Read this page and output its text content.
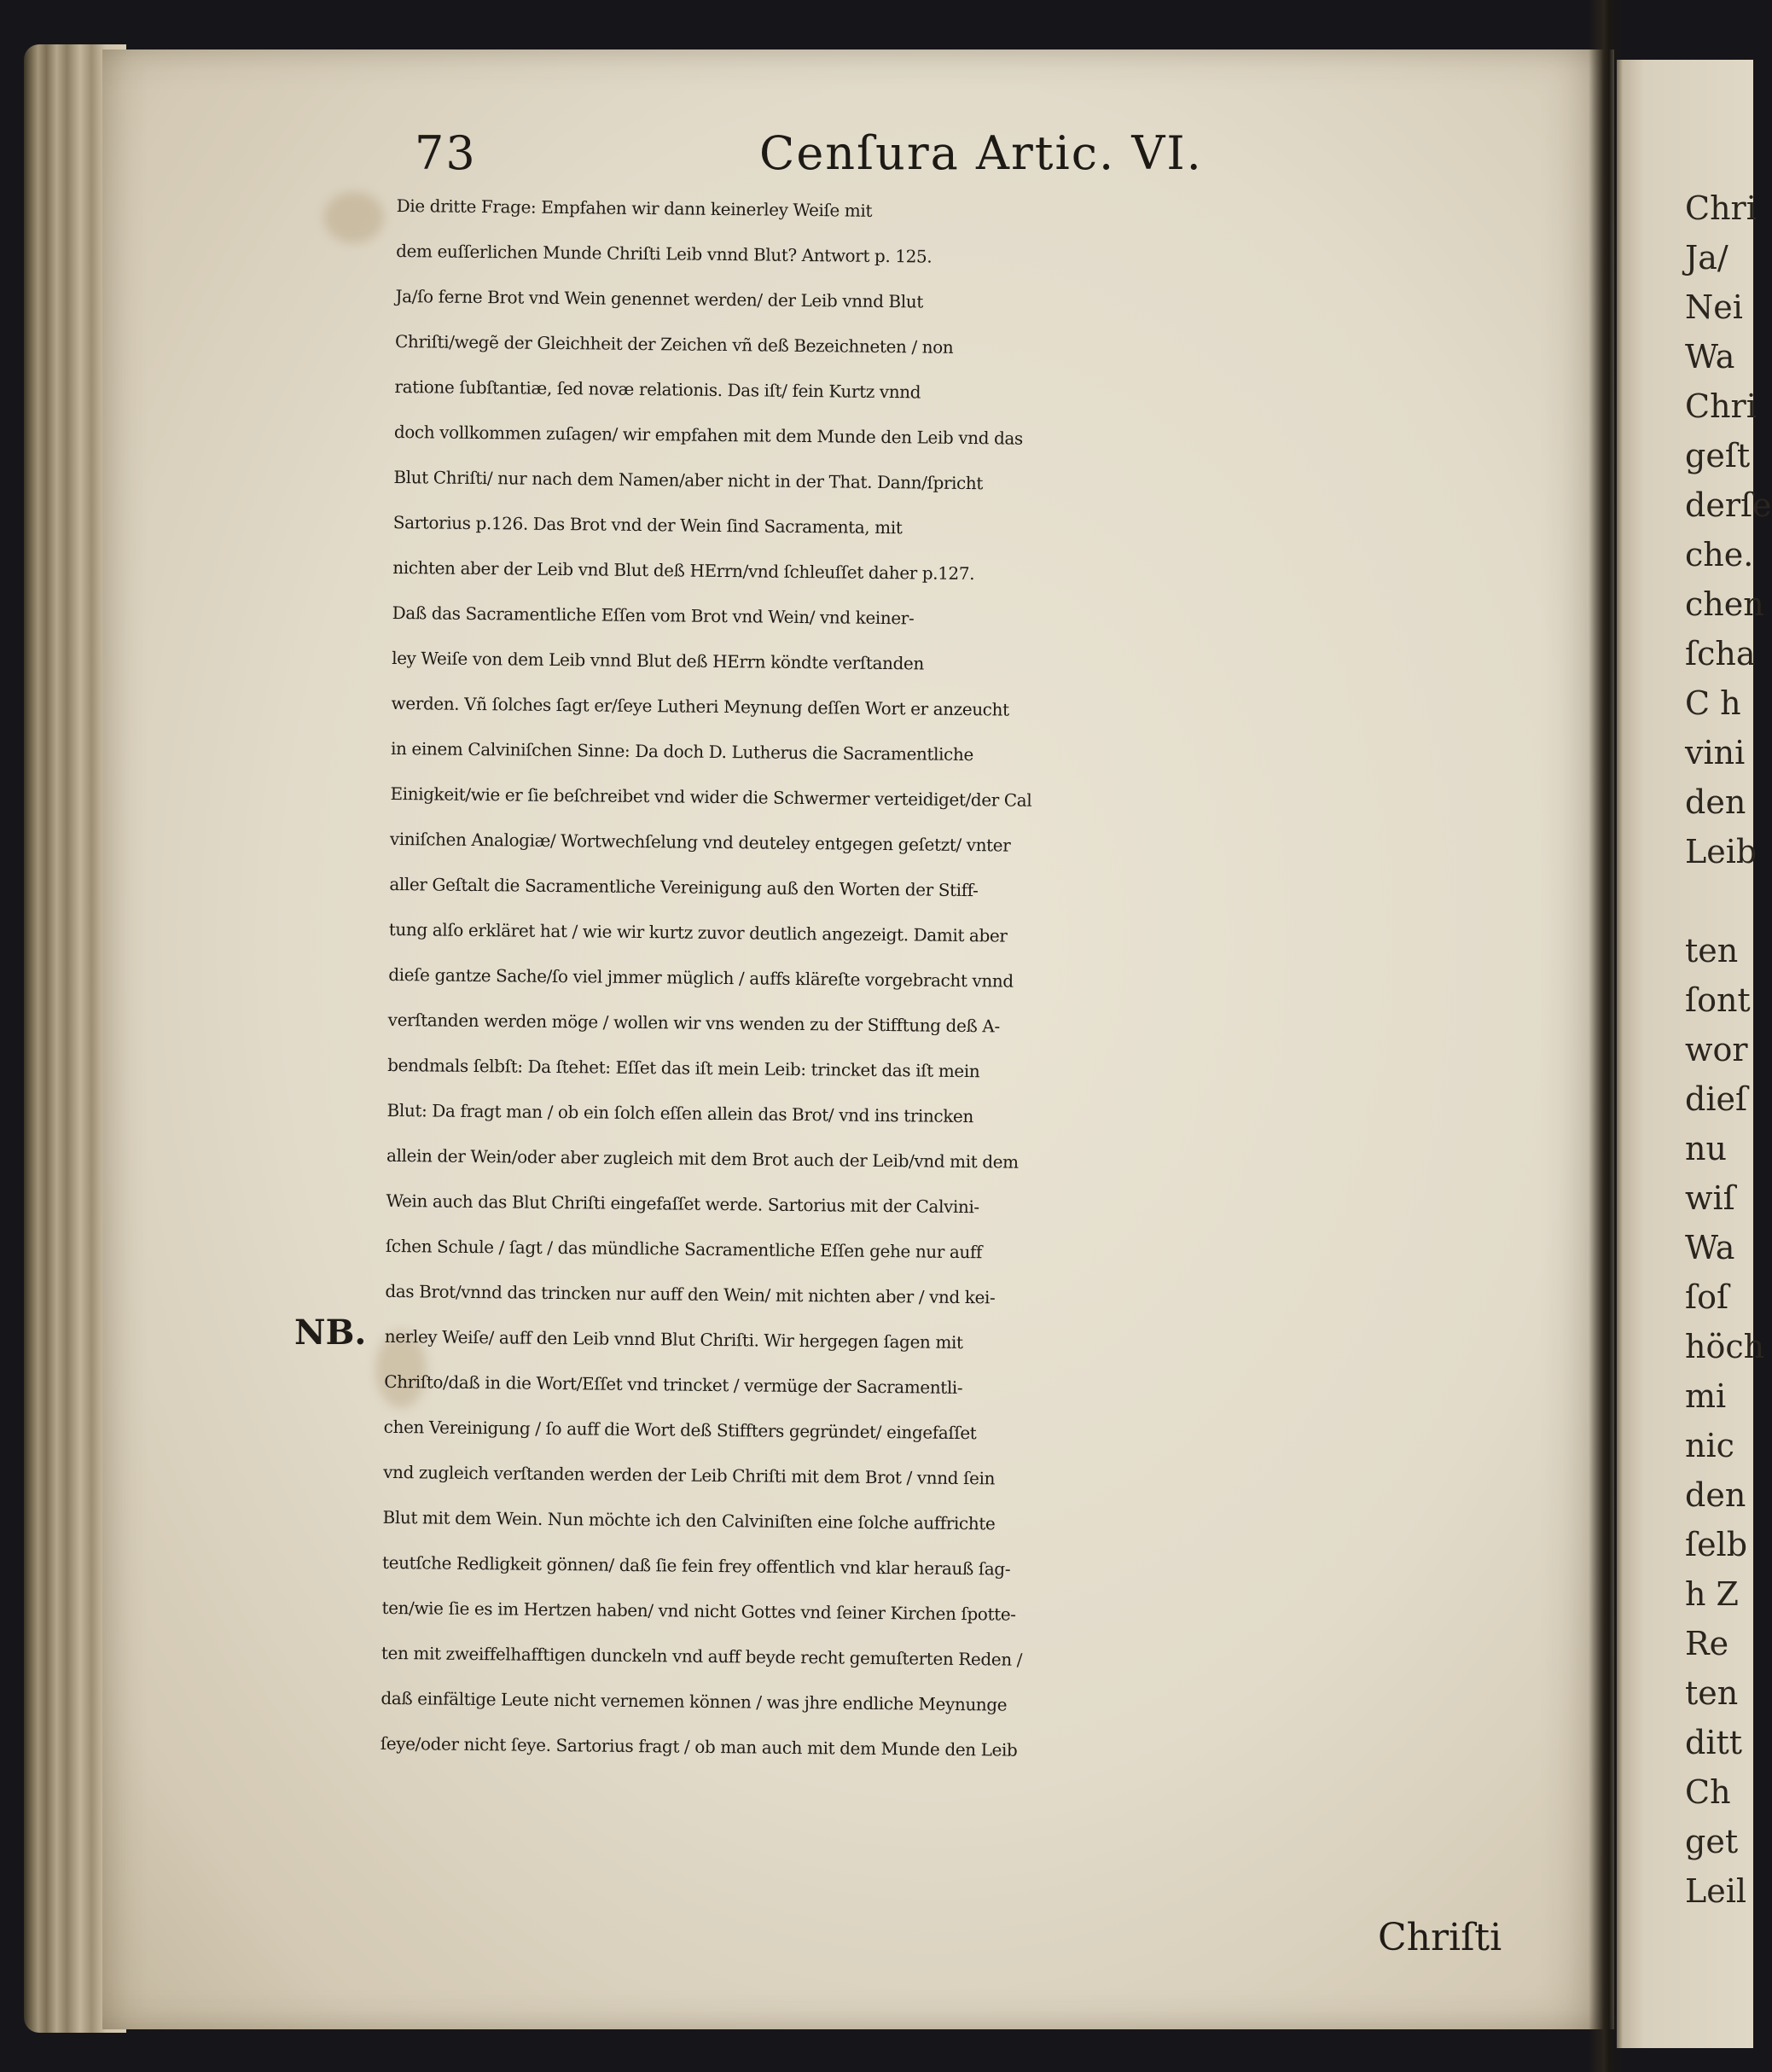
73	Cenſura Artic. VI.
Die dritte Frage: Empfahen wir dann keinerley Weiſe mit
dem euſſerlichen Munde Chriſti Leib vnnd Blut? Antwort p. 125.
Ja/ſo ferne Brot vnd Wein genennet werden/ der Leib vnnd Blut
Chriſti/wegẽ der Gleichheit der Zeichen vñ deß Bezeichneten / non
ratione ſubſtantiæ, ſed novæ relationis. Das iſt/ fein Kurtz vnnd
doch vollkommen zuſagen/ wir empfahen mit dem Munde den Leib vnd das
Blut Chriſti/ nur nach dem Namen/aber nicht in der That. Dann/ſpricht
Sartorius p.126. Das Brot vnd der Wein ſind Sacramenta, mit
nichten aber der Leib vnd Blut deß HErrn/vnd ſchleuſſet daher p.127.
Daß das Sacramentliche Eſſen vom Brot vnd Wein/ vnd keiner-
ley Weiſe von dem Leib vnnd Blut deß HErrn köndte verſtanden
werden. Vñ ſolches ſagt er/ſeye Lutheri Meynung deſſen Wort er anzeucht
in einem Calviniſchen Sinne: Da doch D. Lutherus die Sacramentliche
Einigkeit/wie er ſie beſchreibet vnd wider die Schwermer verteidiget/der Cal
viniſchen Analogiæ/ Wortwechſelung vnd deuteley entgegen geſetzt/ vnter
aller Geſtalt die Sacramentliche Vereinigung auß den Worten der Stiff-
tung alſo erkläret hat / wie wir kurtz zuvor deutlich angezeigt. Damit aber
dieſe gantze Sache/ſo viel jmmer müglich / auffs kläreſte vorgebracht vnnd
verſtanden werden möge / wollen wir vns wenden zu der Stifftung deß A-
bendmals ſelbſt: Da ſtehet: Eſſet das iſt mein Leib: trincket das iſt mein
Blut: Da fragt man / ob ein ſolch eſſen allein das Brot/ vnd ins trincken
allein der Wein/oder aber zugleich mit dem Brot auch der Leib/vnd mit dem
Wein auch das Blut Chriſti eingefaſſet werde. Sartorius mit der Calvini-
ſchen Schule / ſagt / das mündliche Sacramentliche Eſſen gehe nur auff
das Brot/vnnd das trincken nur auff den Wein/ mit nichten aber / vnd kei-
nerley Weiſe/ auff den Leib vnnd Blut Chriſti. Wir hergegen ſagen mit
Chriſto/daß in die Wort/Eſſet vnd trincket / vermüge der Sacramentli-
chen Vereinigung / ſo auff die Wort deß Stiffters gegründet/ eingefaſſet
vnd zugleich verſtanden werden der Leib Chriſti mit dem Brot / vnnd ſein
Blut mit dem Wein. Nun möchte ich den Calviniſten eine ſolche auffrichte
teutſche Redligkeit gönnen/ daß ſie fein frey offentlich vnd klar herauß ſag-
ten/wie ſie es im Hertzen haben/ vnd nicht Gottes vnd ſeiner Kirchen ſpotte-
ten mit zweiffelhafftigen dunckeln vnd auff beyde recht gemuſterten Reden /
daß einfältige Leute nicht vernemen können / was jhre endliche Meynunge
ſeye/oder nicht ſeye. Sartorius fragt / ob man auch mit dem Munde den Leib
NB.
Chriſti
Chri
Ja/
Nei
Wa
Chri
geſt
derſe
che.
chen
ſcha
C h
vini
den
Leib
ten
ſont
wor
dieſ
nu
wiſ
Wa
ſoſ
höch
mi
nic
den
ſelb
h Z
Re
ten
ditt
Ch
get
Leil
